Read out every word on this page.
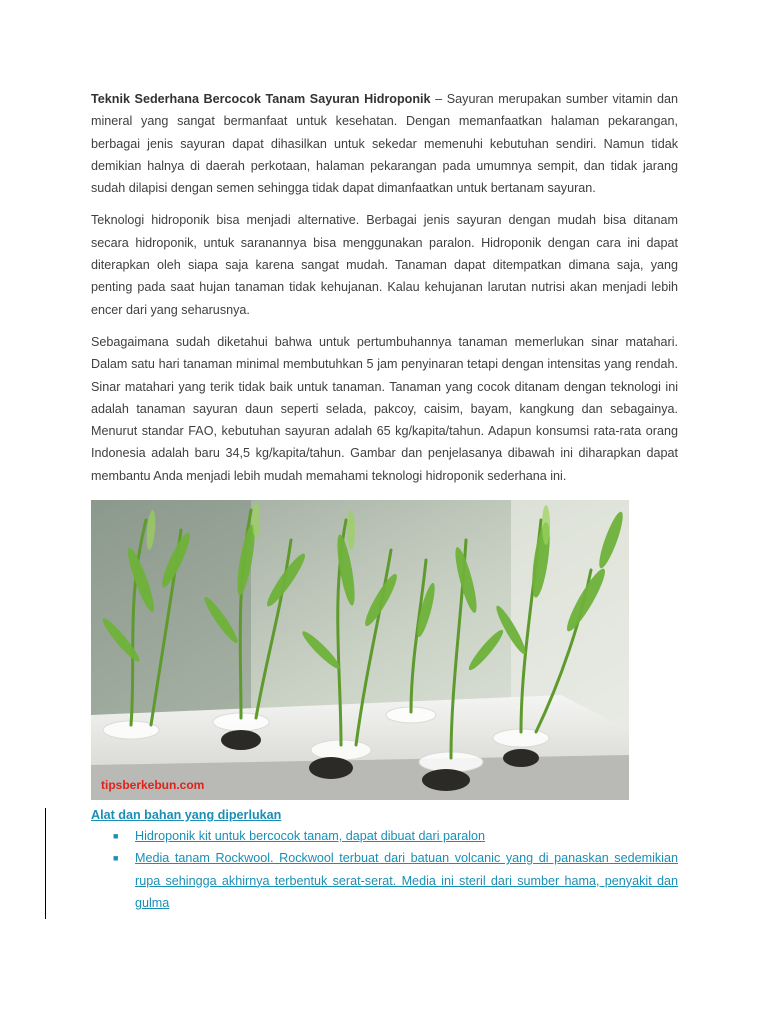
Teknik Sederhana Bercocok Tanam Sayuran Hidroponik – Sayuran merupakan sumber vitamin dan mineral yang sangat bermanfaat untuk kesehatan. Dengan memanfaatkan halaman pekarangan, berbagai jenis sayuran dapat dihasilkan untuk sekedar memenuhi kebutuhan sendiri. Namun tidak demikian halnya di daerah perkotaan, halaman pekarangan pada umumnya sempit, dan tidak jarang sudah dilapisi dengan semen sehingga tidak dapat dimanfaatkan untuk bertanam sayuran.

Teknologi hidroponik bisa menjadi alternative. Berbagai jenis sayuran dengan mudah bisa ditanam secara hidroponik, untuk saranannya bisa menggunakan paralon. Hidroponik dengan cara ini dapat diterapkan oleh siapa saja karena sangat mudah. Tanaman dapat ditempatkan dimana saja, yang penting pada saat hujan tanaman tidak kehujanan. Kalau kehujanan larutan nutrisi akan menjadi lebih encer dari yang seharusnya.

Sebagaimana sudah diketahui bahwa untuk pertumbuhannya tanaman memerlukan sinar matahari. Dalam satu hari tanaman minimal membutuhkan 5 jam penyinaran tetapi dengan intensitas yang rendah. Sinar matahari yang terik tidak baik untuk tanaman. Tanaman yang cocok ditanam dengan teknologi ini adalah tanaman sayuran daun seperti selada, pakcoy, caisim, bayam, kangkung dan sebagainya. Menurut standar FAO, kebutuhan sayuran adalah 65 kg/kapita/tahun. Adapun konsumsi rata-rata orang Indonesia adalah baru 34,5 kg/kapita/tahun. Gambar dan penjelasanya dibawah ini diharapkan dapat membantu Anda menjadi lebih mudah memahami teknologi hidroponik sederhana ini.

tipsberkebun.com

Alat dan bahan yang diperlukan

■ Hidroponik kit untuk bercocok tanam, dapat dibuat dari paralon
■ Media tanam Rockwool. Rockwool terbuat dari batuan volcanic yang di panaskan sedemikian rupa sehingga akhirnya terbentuk serat-serat. Media ini steril dari sumber hama, penyakit dan gulma
